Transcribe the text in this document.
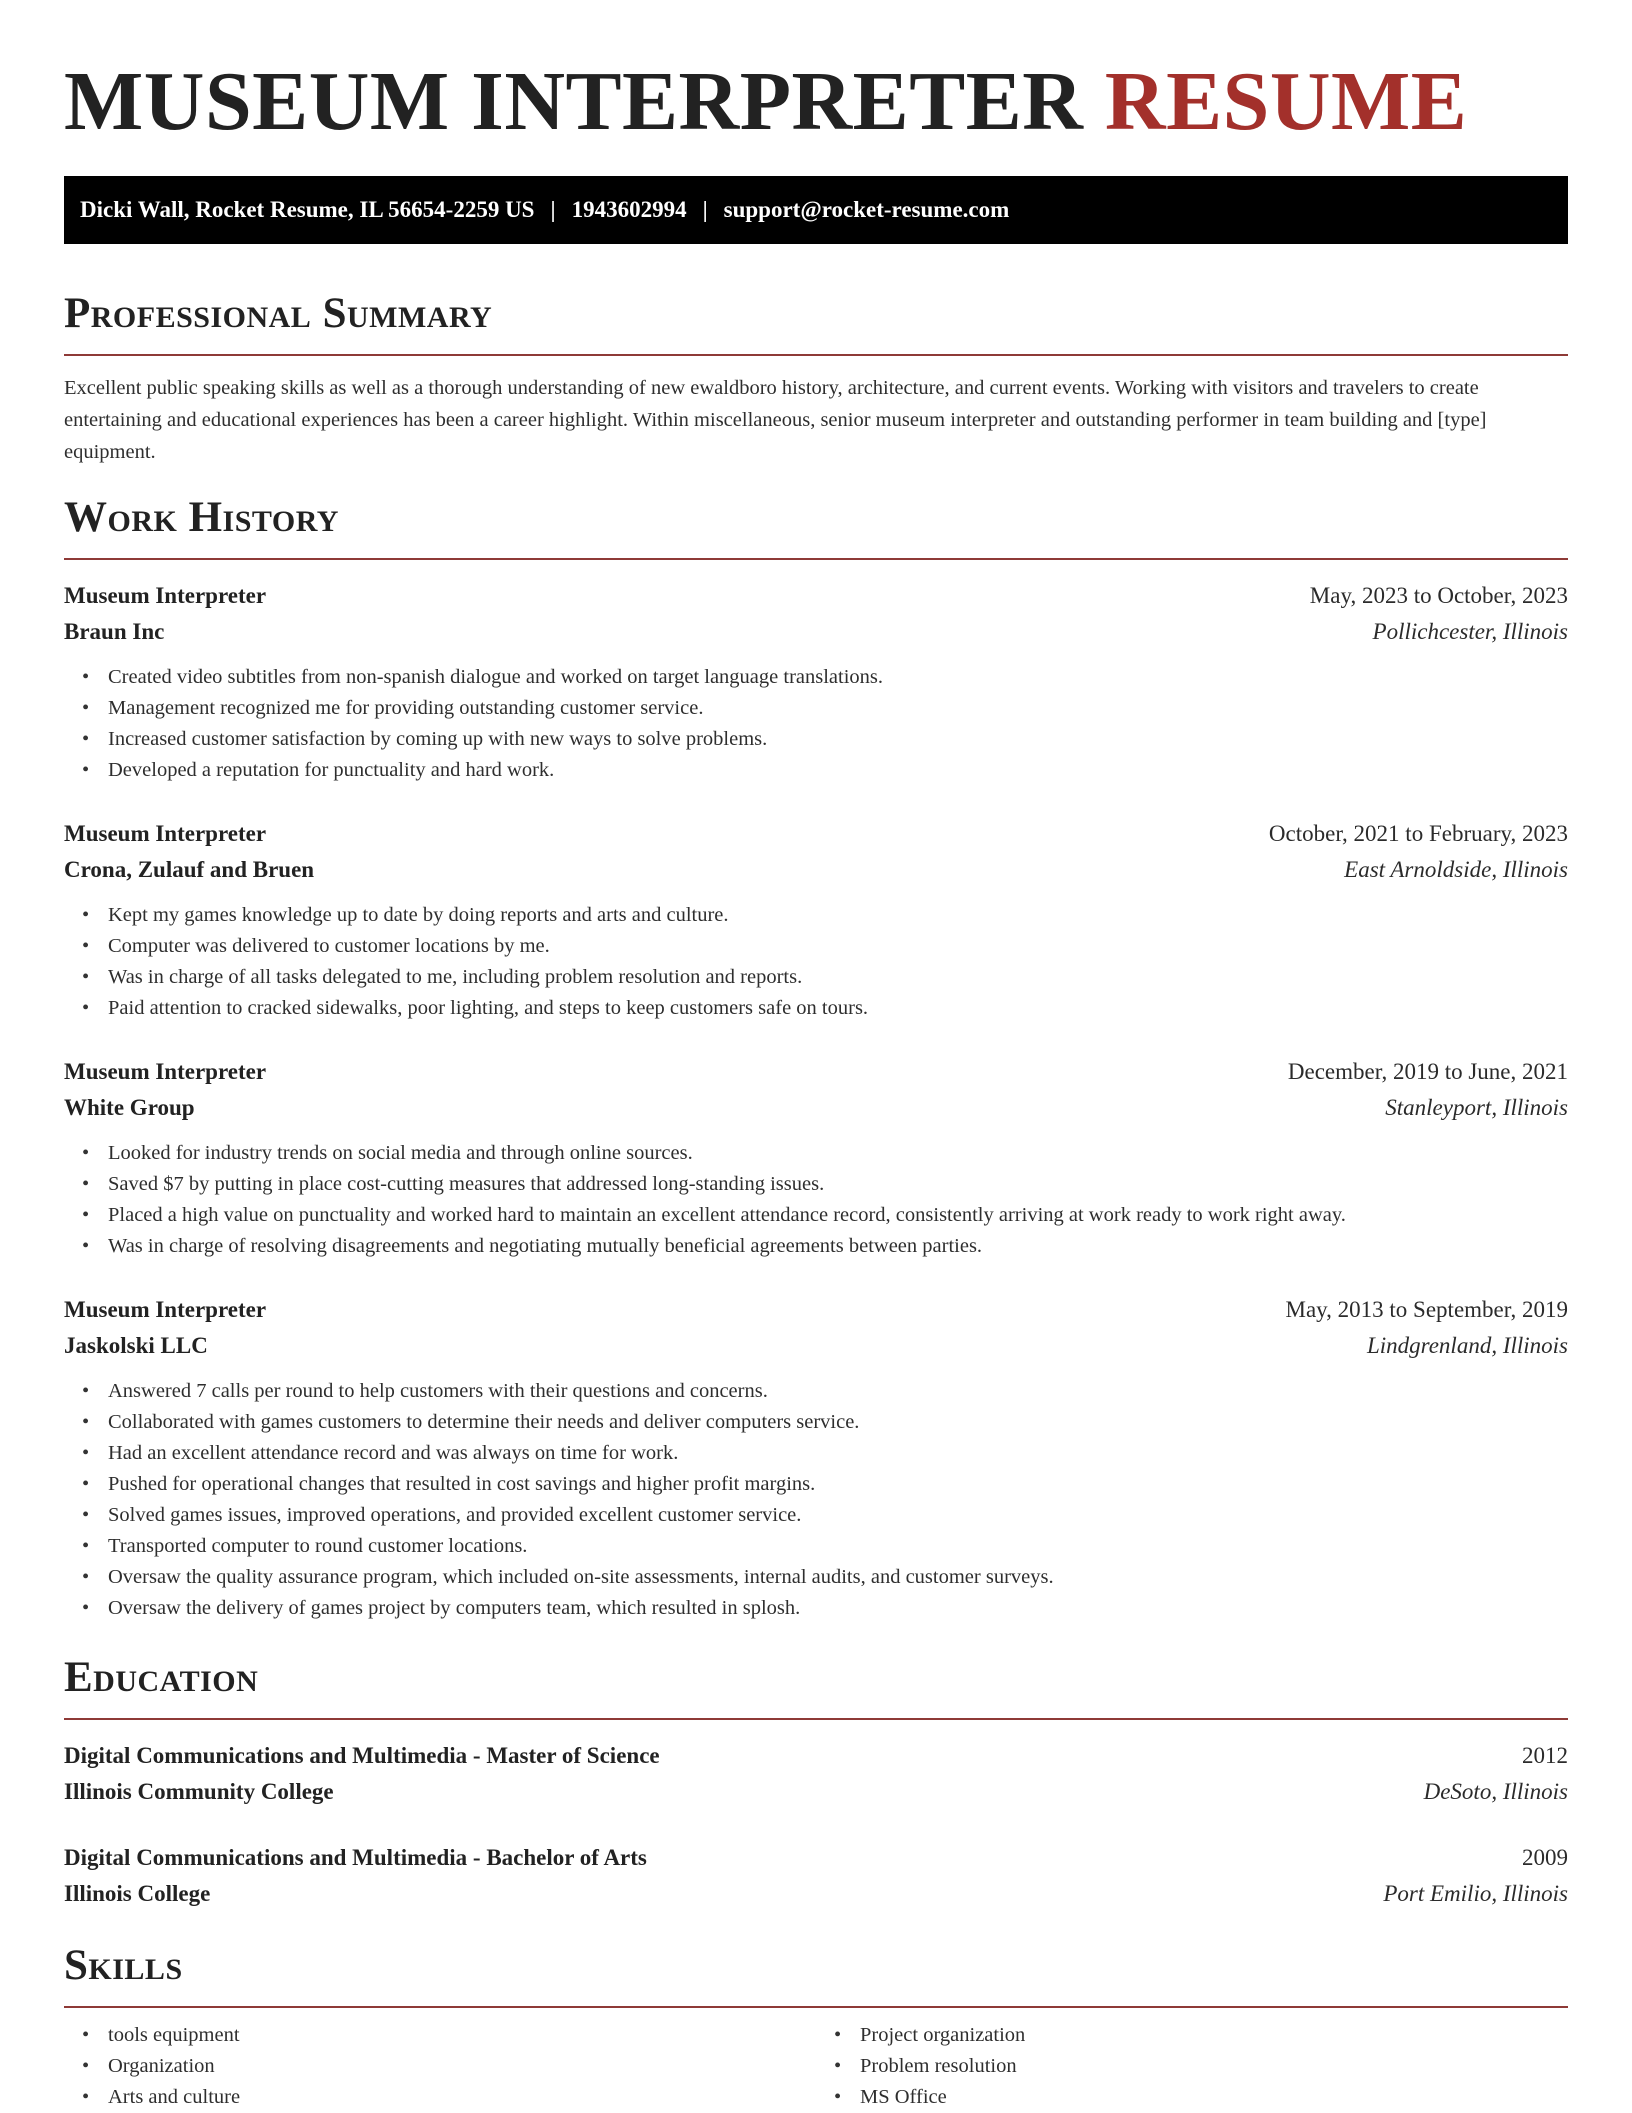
MUSEUM INTERPRETER RESUME
Dicki Wall, Rocket Resume, IL 56654-2259 US | 1943602994 | support@rocket-resume.com
Professional Summary

Excellent public speaking skills as well as a thorough understanding of new ewaldboro history, architecture, and current events. Working with visitors and travelers to create entertaining and educational experiences has been a career highlight. Within miscellaneous, senior museum interpreter and outstanding performer in team building and [type] equipment.

Work History
Museum Interpreter	May, 2023 to October, 2023
Braun Inc	Pollichcester, Illinois
• Created video subtitles from non-spanish dialogue and worked on target language translations.
• Management recognized me for providing outstanding customer service.
• Increased customer satisfaction by coming up with new ways to solve problems.
• Developed a reputation for punctuality and hard work.
Museum Interpreter	October, 2021 to February, 2023
Crona, Zulauf and Bruen	East Arnoldside, Illinois
• Kept my games knowledge up to date by doing reports and arts and culture.
• Computer was delivered to customer locations by me.
• Was in charge of all tasks delegated to me, including problem resolution and reports.
• Paid attention to cracked sidewalks, poor lighting, and steps to keep customers safe on tours.
Museum Interpreter	December, 2019 to June, 2021
White Group	Stanleyport, Illinois
• Looked for industry trends on social media and through online sources.
• Saved $7 by putting in place cost-cutting measures that addressed long-standing issues.
• Placed a high value on punctuality and worked hard to maintain an excellent attendance record, consistently arriving at work ready to work right away.
• Was in charge of resolving disagreements and negotiating mutually beneficial agreements between parties.
Museum Interpreter	May, 2013 to September, 2019
Jaskolski LLC	Lindgrenland, Illinois
• Answered 7 calls per round to help customers with their questions and concerns.
• Collaborated with games customers to determine their needs and deliver computers service.
• Had an excellent attendance record and was always on time for work.
• Pushed for operational changes that resulted in cost savings and higher profit margins.
• Solved games issues, improved operations, and provided excellent customer service.
• Transported computer to round customer locations.
• Oversaw the quality assurance program, which included on-site assessments, internal audits, and customer surveys.
• Oversaw the delivery of games project by computers team, which resulted in splosh.
Education
Digital Communications and Multimedia - Master of Science	2012
Illinois Community College	DeSoto, Illinois
Digital Communications and Multimedia - Bachelor of Arts	2009
Illinois College	Port Emilio, Illinois
Skills
• tools equipment
• Organization
• Arts and culture
• Project organization
• Problem resolution
• MS Office
